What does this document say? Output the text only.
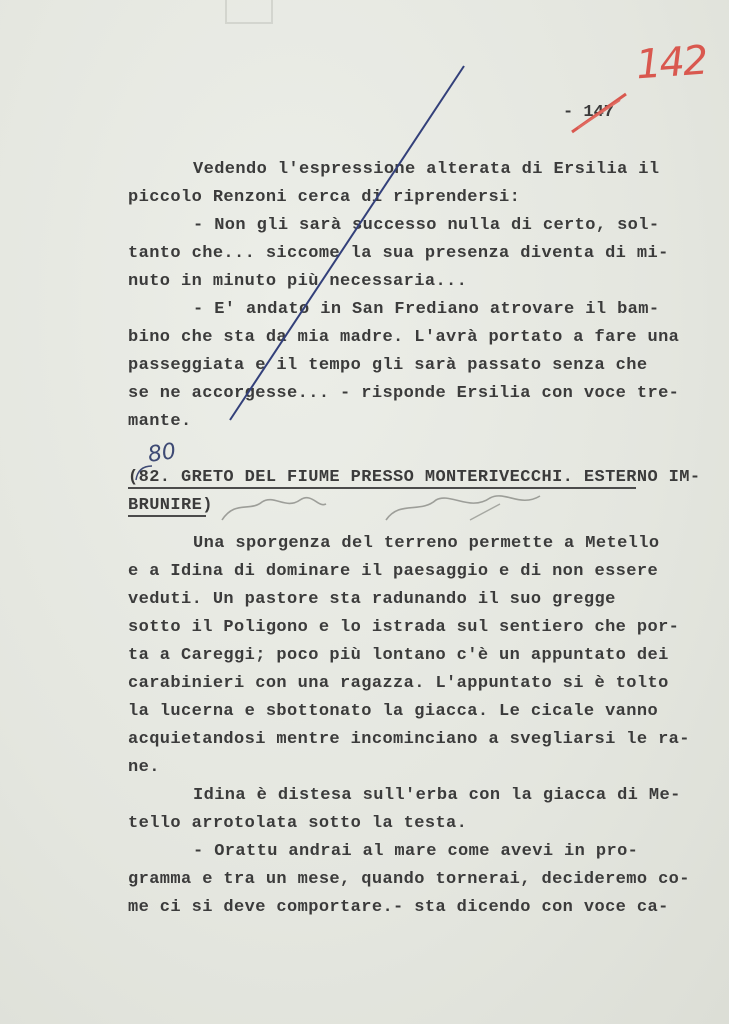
142
- 147
Vedendo l'espressione alterata di Ersilia il
piccolo Renzoni cerca di riprendersi:
- Non gli sarà successo nulla di certo, sol-
tanto che... siccome la sua presenza diventa di mi-
nuto in minuto più necessaria...
- E' andato in San Frediano atrovare il bam-
bino che sta da mia madre. L'avrà portato a fare una
passeggiata e il tempo gli sarà passato senza che
se ne accorgesse... - risponde Ersilia con voce tre-
mante.
80
(82. GRETO DEL FIUME PRESSO MONTERIVECCHI. ESTERNO IM-
BRUNIRE)
Una sporgenza del terreno permette a Metello
e a Idina di dominare il paesaggio e di non essere
veduti. Un pastore sta radunando il suo gregge
sotto il Poligono e lo istrada sul sentiero che por-
ta a Careggi; poco più lontano c'è un appuntato dei
carabinieri con una ragazza. L'appuntato si è tolto
la lucerna e sbottonato la giacca. Le cicale vanno
acquietandosi mentre incominciano a svegliarsi le ra-
ne.
Idina è distesa sull'erba con la giacca di Me-
tello arrotolata sotto la testa.
- Orattu andrai al mare come avevi in pro-
gramma e tra un mese, quando tornerai, decideremo co-
me ci si deve comportare.- sta dicendo con voce ca-
